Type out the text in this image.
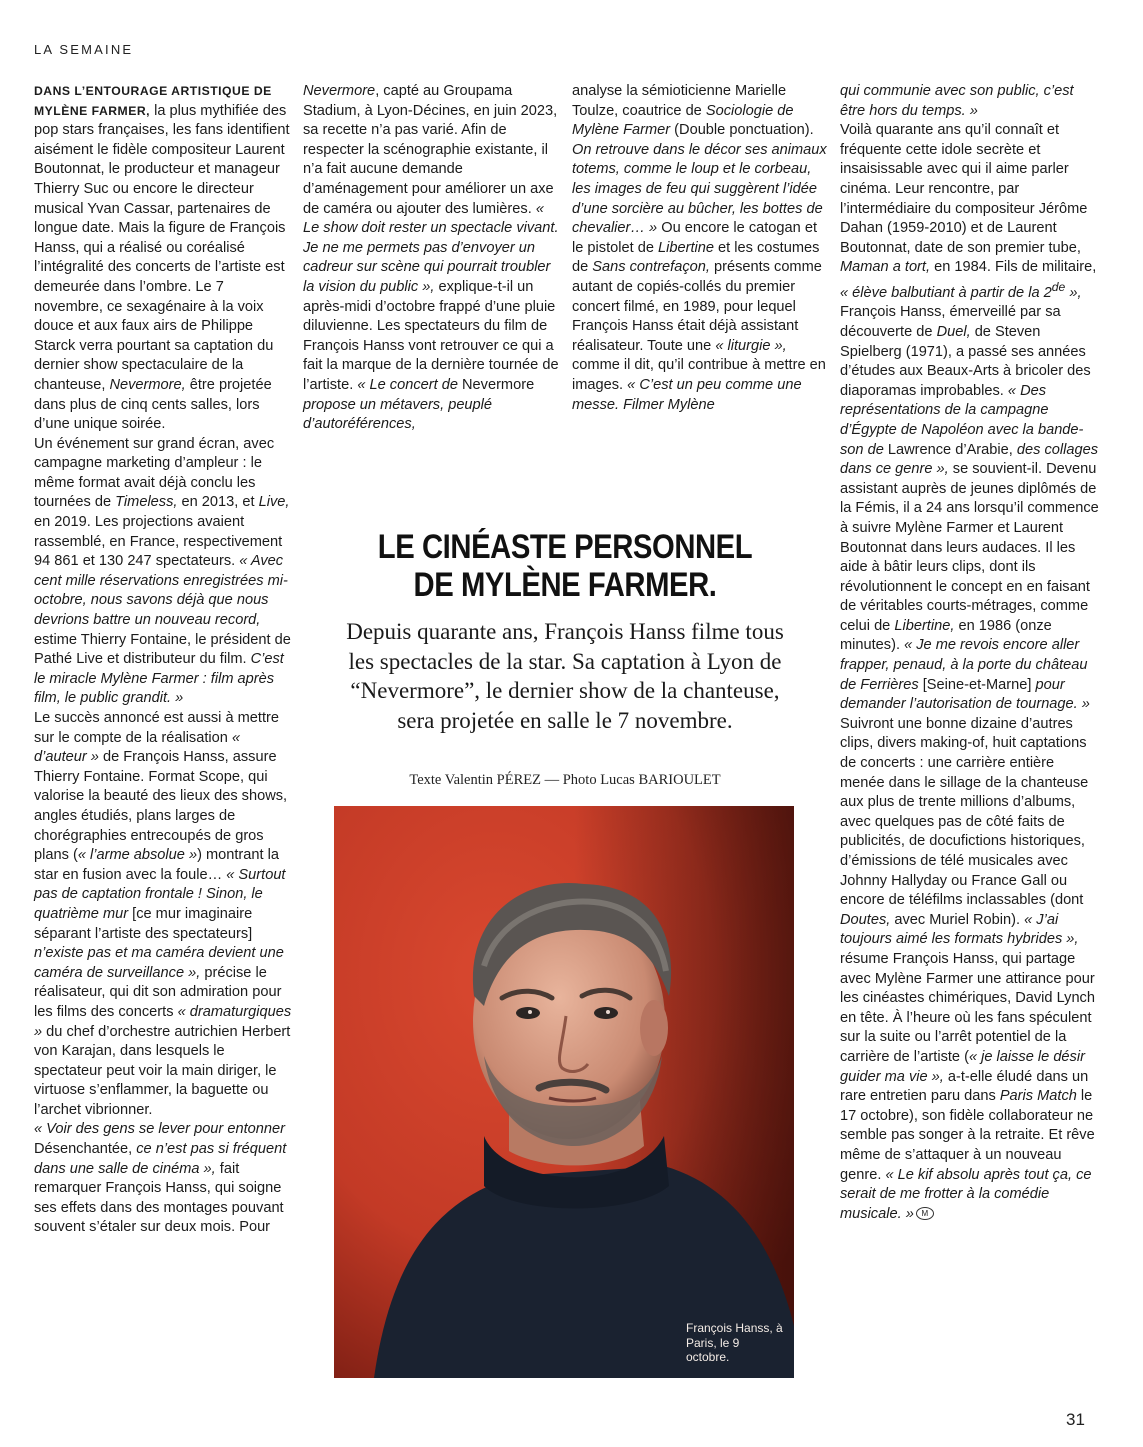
LA SEMAINE

DANS L’ENTOURAGE ARTISTIQUE DE MYLÈNE FARMER, la plus mythifiée des pop stars françaises, les fans identifient aisément le fidèle compositeur Laurent Boutonnat, le producteur et manageur Thierry Suc ou encore le directeur musical Yvan Cassar, partenaires de longue date. Mais la figure de François Hanss, qui a réalisé ou coréalisé l’intégralité des concerts de l’artiste est demeurée dans l’ombre. Le 7 novembre, ce sexagénaire à la voix douce et aux faux airs de Philippe Starck verra pourtant sa captation du dernier show spectaculaire de la chanteuse, Nevermore, être projetée dans plus de cinq cents salles, lors d’une unique soirée.

Un événement sur grand écran, avec campagne marketing d’ampleur : le même format avait déjà conclu les tournées de Timeless, en 2013, et Live, en 2019. Les projections avaient rassemblé, en France, respectivement 94 861 et 130 247 spectateurs. « Avec cent mille réservations enregistrées mi-octobre, nous savons déjà que nous devrions battre un nouveau record, estime Thierry Fontaine, le président de Pathé Live et distributeur du film. C’est le miracle Mylène Farmer : film après film, le public grandit. »

Le succès annoncé est aussi à mettre sur le compte de la réalisation « d’auteur » de François Hanss, assure Thierry Fontaine. Format Scope, qui valorise la beauté des lieux des shows, angles étudiés, plans larges de chorégraphies entrecoupés de gros plans (« l’arme absolue ») montrant la star en fusion avec la foule… « Surtout pas de captation frontale ! Sinon, le quatrième mur [ce mur imaginaire séparant l’artiste des spectateurs] n’existe pas et ma caméra devient une caméra de surveillance », précise le réalisateur, qui dit son admiration pour les films des concerts « dramaturgiques » du chef d’orchestre autrichien Herbert von Karajan, dans lesquels le spectateur peut voir la main diriger, le virtuose s’enflammer, la baguette ou l’archet vibrionner.

« Voir des gens se lever pour entonner Désenchantée, ce n’est pas si fréquent dans une salle de cinéma », fait remarquer François Hanss, qui soigne ses effets dans des montages pouvant souvent s’étaler sur deux mois. Pour

Nevermore, capté au Groupama Stadium, à Lyon-Décines, en juin 2023, sa recette n’a pas varié. Afin de respecter la scénographie existante, il n’a fait aucune demande d’aménagement pour améliorer un axe de caméra ou ajouter des lumières. « Le show doit rester un spectacle vivant. Je ne me permets pas d’envoyer un cadreur sur scène qui pourrait troubler la vision du public », explique-t-il un après-midi d’octobre frappé d’une pluie diluvienne. Les spectateurs du film de François Hanss vont retrouver ce qui a fait la marque de la dernière tournée de l’artiste. « Le concert de Nevermore propose un métavers, peuplé d’autoréférences,

analyse la sémioticienne Marielle Toulze, coautrice de Sociologie de Mylène Farmer (Double ponctuation). On retrouve dans le décor ses animaux totems, comme le loup et le corbeau, les images de feu qui suggèrent l’idée d’une sorcière au bûcher, les bottes de chevalier… » Ou encore le catogan et le pistolet de Libertine et les costumes de Sans contrefaçon, présents comme autant de copiés-collés du premier concert filmé, en 1989, pour lequel François Hanss était déjà assistant réalisateur. Toute une « liturgie », comme il dit, qu’il contribue à mettre en images. « C’est un peu comme une messe. Filmer Mylène

qui communie avec son public, c’est être hors du temps. »

Voilà quarante ans qu’il connaît et fréquente cette idole secrète et insaisissable avec qui il aime parler cinéma. Leur rencontre, par l’intermédiaire du compositeur Jérôme Dahan (1959-2010) et de Laurent Boutonnat, date de son premier tube, Maman a tort, en 1984. Fils de militaire, « élève balbutiant à partir de la 2de », François Hanss, émerveillé par sa découverte de Duel, de Steven Spielberg (1971), a passé ses années d’études aux Beaux-Arts à bricoler des diaporamas improbables. « Des représentations de la campagne d’Égypte de Napoléon avec la bande-son de Lawrence d’Arabie, des collages dans ce genre », se souvient-il. Devenu assistant auprès de jeunes diplômés de la Fémis, il a 24 ans lorsqu’il commence à suivre Mylène Farmer et Laurent Boutonnat dans leurs audaces. Il les aide à bâtir leurs clips, dont ils révolutionnent le concept en en faisant de véritables courts-métrages, comme celui de Libertine, en 1986 (onze minutes). « Je me revois encore aller frapper, penaud, à la porte du château de Ferrières [Seine-et-Marne] pour demander l’autorisation de tournage. » Suivront une bonne dizaine d’autres clips, divers making-of, huit captations de concerts : une carrière entière menée dans le sillage de la chanteuse aux plus de trente millions d’albums, avec quelques pas de côté faits de publicités, de docufictions historiques, d’émissions de télé musicales avec Johnny Hallyday ou France Gall ou encore de téléfilms inclassables (dont Doutes, avec Muriel Robin). « J’ai toujours aimé les formats hybrides », résume François Hanss, qui partage avec Mylène Farmer une attirance pour les cinéastes chimériques, David Lynch en tête. À l’heure où les fans spéculent sur la suite ou l’arrêt potentiel de la carrière de l’artiste (« je laisse le désir guider ma vie », a-t-elle éludé dans un rare entretien paru dans Paris Match le 17 octobre), son fidèle collaborateur ne semble pas songer à la retraite. Et rêve même de s’attaquer à un nouveau genre. « Le kif absolu après tout ça, ce serait de me frotter à la comédie musicale. » M

LE CINÉASTE PERSONNEL DE MYLÈNE FARMER.

Depuis quarante ans, François Hanss filme tous les spectacles de la star. Sa captation à Lyon de “Nevermore”, le dernier show de la chanteuse, sera projetée en salle le 7 novembre.

Texte Valentin PÉREZ — Photo Lucas BARIOULET
François Hanss, à Paris, le 9 octobre.
31
